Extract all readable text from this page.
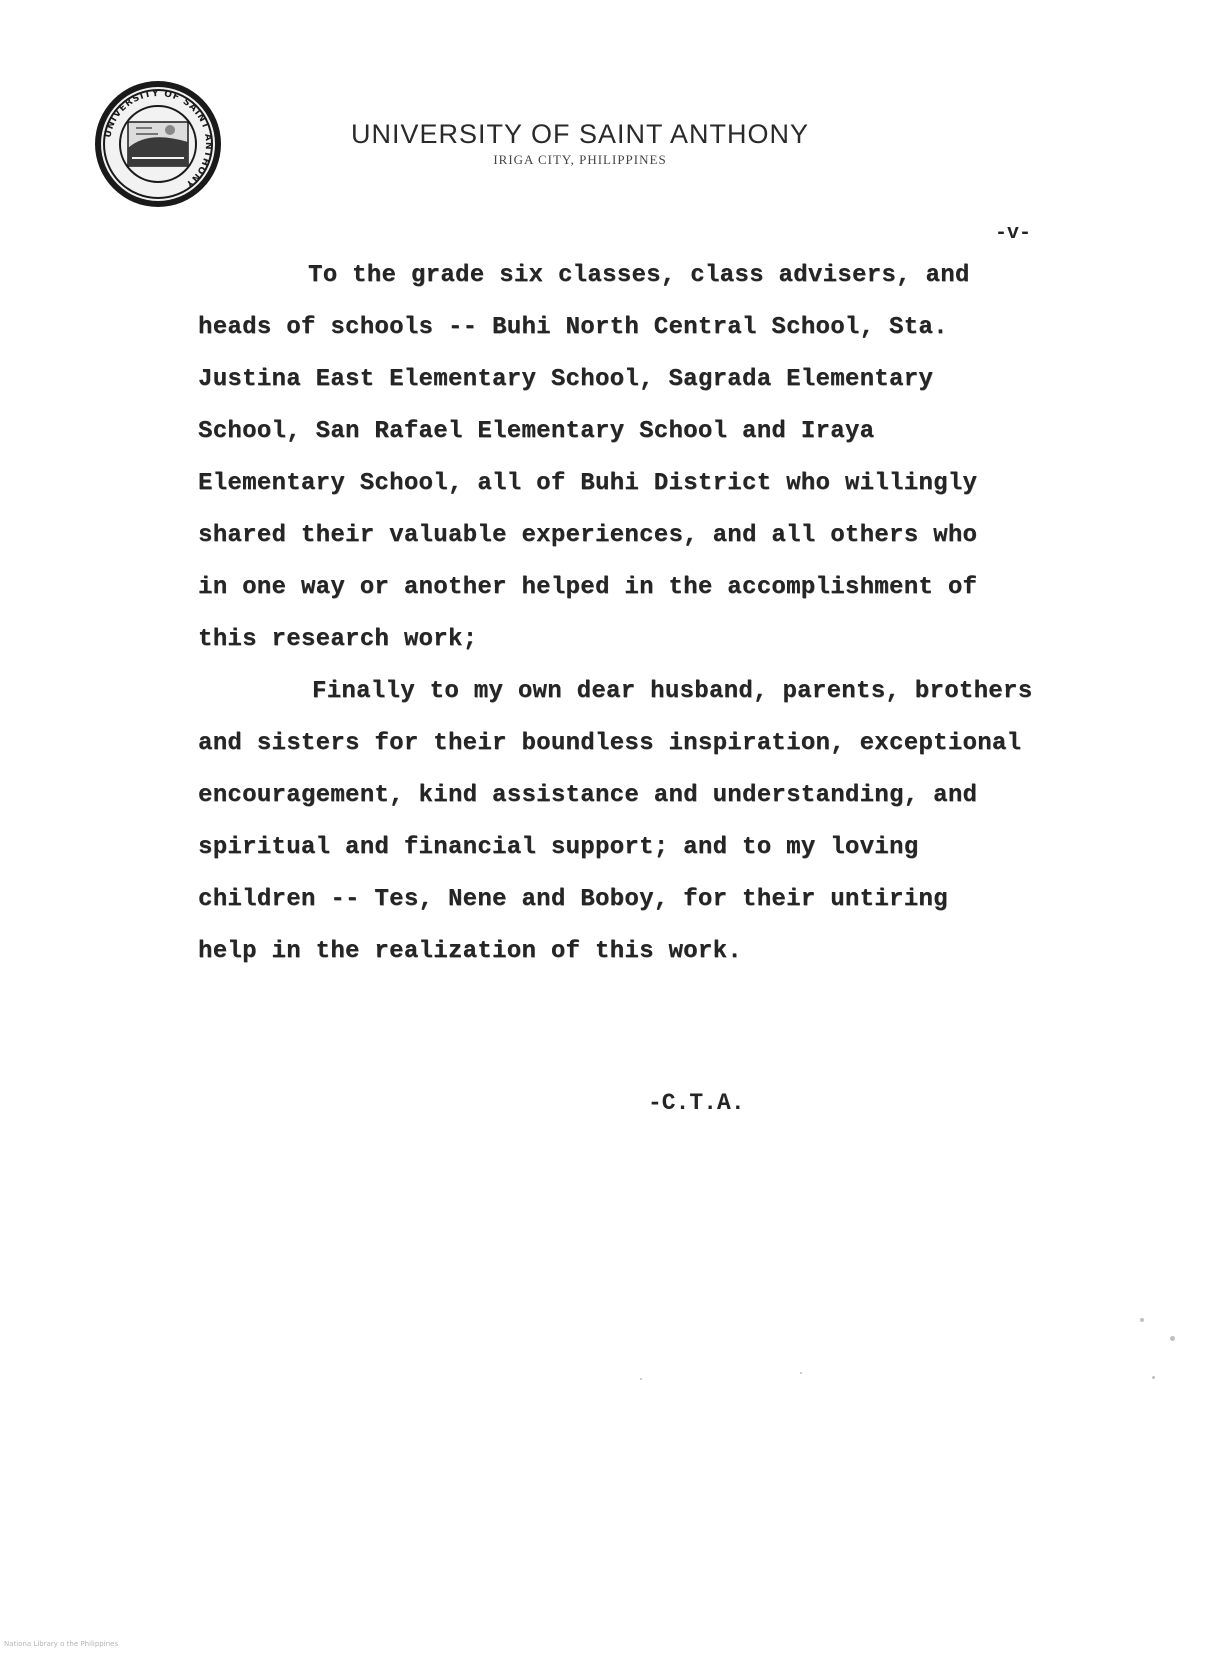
UNIVERSITY OF SAINT ANTHONY

UNIVERSITY OF SAINT ANTHONY

IRIGA CITY, PHILIPPINES

-v-
To the grade six classes, class advisers, and
heads of schools -- Buhi North Central School, Sta.
Justina East Elementary School, Sagrada Elementary
School, San Rafael Elementary School and Iraya
Elementary School, all of Buhi District who willingly
shared their valuable experiences, and all others who
in one way or another helped in the accomplishment of
this research work;
Finally to my own dear husband, parents, brothers
and sisters for their boundless inspiration, exceptional
encouragement, kind assistance and understanding, and
spiritual and financial support; and to my loving
children -- Tes, Nene and Boboy, for their untiring
help in the realization of this work.
-C.T.A.
Nationa Library o the Philippines
